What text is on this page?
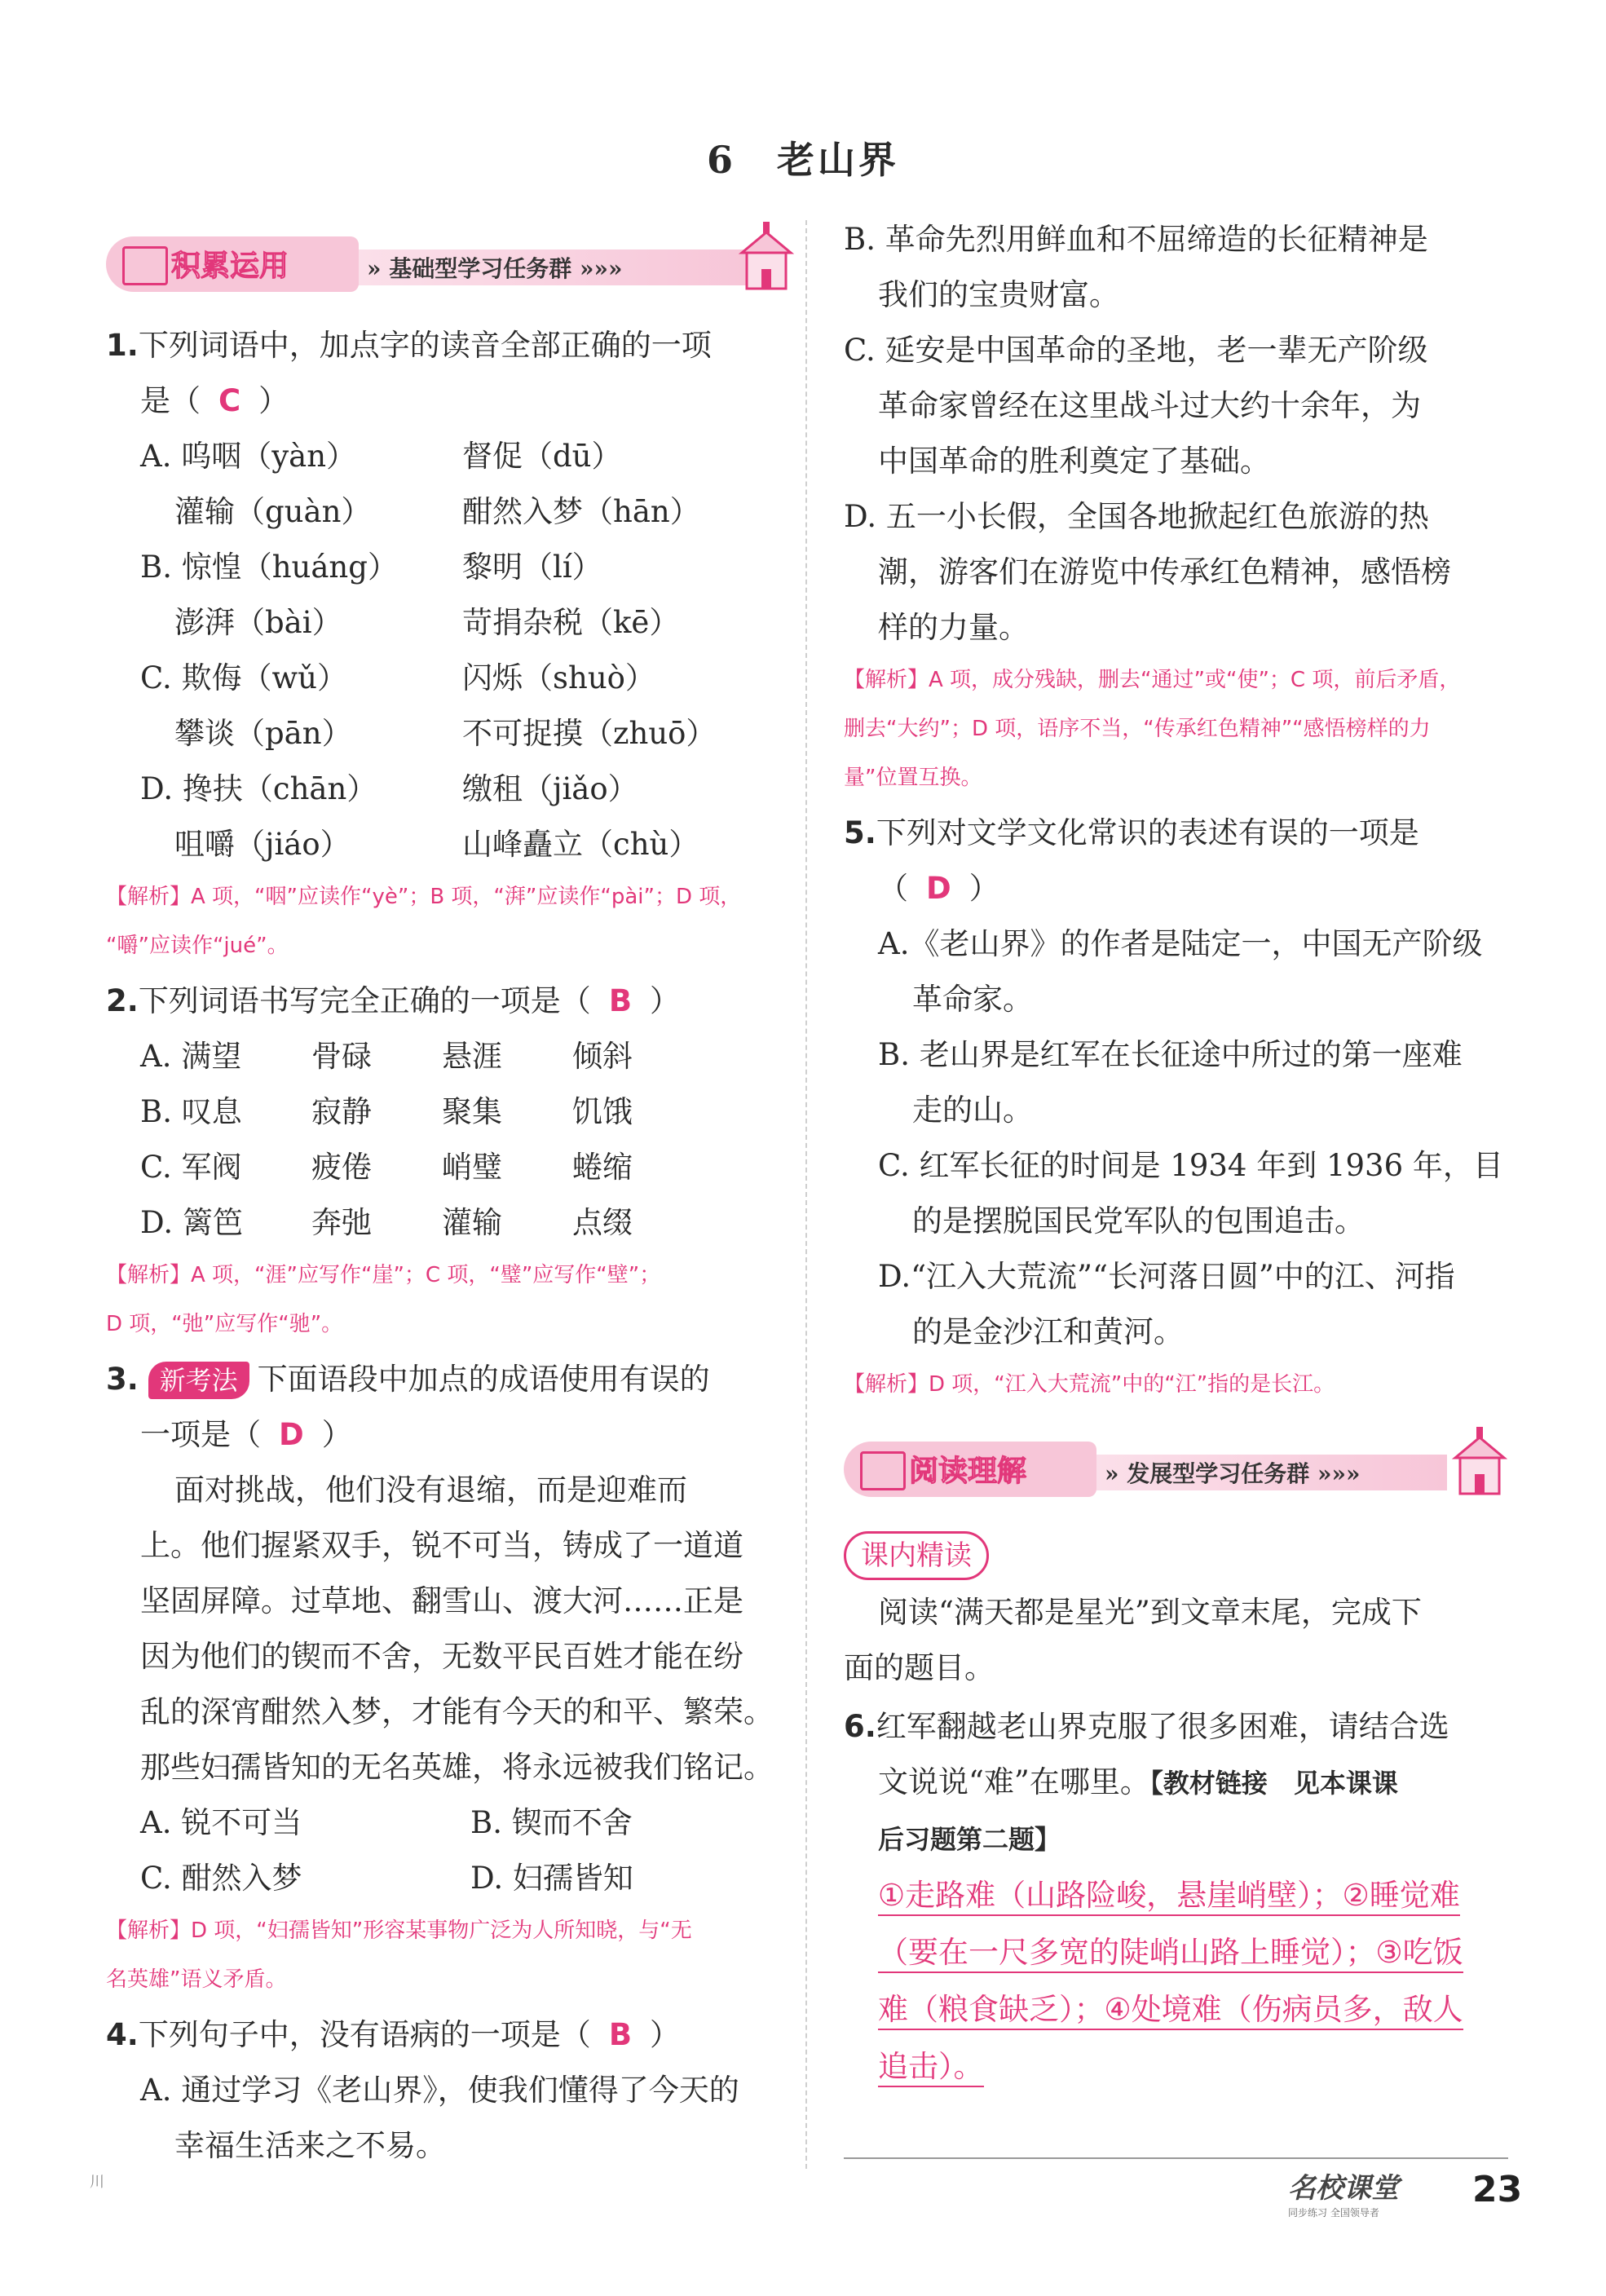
6 老山界
积累运用	» 基础型学习任务群 »»»
1.下列词语中，加点字的读音全部正确的一项
是（ C ）
A. 呜咽（yàn）	督促（dū）
灌输（guàn）	酣然入梦（hān）
B. 惊惶（huáng） 黎明（lí）
澎湃（bài）	苛捐杂税（kē）
C. 欺侮（wǔ）	闪烁（shuò）
攀谈（pān）	不可捉摸（zhuō）
D. 搀扶（chān）	缴租（jiǎo）
咀嚼（jiáo）	山峰矗立（chù）
【解析】A 项，“咽”应读作“yè”；B 项，“湃”应读作“pài”；D 项，
“嚼”应读作“jué”。
2.下列词语书写完全正确的一项是（ B ）
A. 满望 骨碌 悬涯 倾斜
B. 叹息 寂静 聚集 饥饿
C. 军阀 疲倦 峭璧 蜷缩
D. 篱笆 奔弛 灌输 点缀
【解析】A 项，“涯”应写作“崖”；C 项，“璧”应写作“壁”；
D 项，“弛”应写作“驰”。
3. 新考法 下面语段中加点的成语使用有误的
一项是（ D ）
面对挑战，他们没有退缩，而是迎难而
上。他们握紧双手，锐不可当，铸成了一道道
坚固屏障。过草地、翻雪山、渡大河……正是
因为他们的锲而不舍，无数平民百姓才能在纷
乱的深宵酣然入梦，才能有今天的和平、繁荣。
那些妇孺皆知的无名英雄，将永远被我们铭记。
A. 锐不可当	B. 锲而不舍
C. 酣然入梦	D. 妇孺皆知
【解析】D 项，“妇孺皆知”形容某事物广泛为人所知晓，与“无
名英雄”语义矛盾。
4.下列句子中，没有语病的一项是（ B ）
A. 通过学习《老山界》，使我们懂得了今天的
幸福生活来之不易。
B. 革命先烈用鲜血和不屈缔造的长征精神是
我们的宝贵财富。
C. 延安是中国革命的圣地，老一辈无产阶级
革命家曾经在这里战斗过大约十余年，为
中国革命的胜利奠定了基础。
D. 五一小长假，全国各地掀起红色旅游的热
潮，游客们在游览中传承红色精神，感悟榜
样的力量。
【解析】A 项，成分残缺，删去“通过”或“使”；C 项，前后矛盾，
删去“大约”；D 项，语序不当，“传承红色精神”“感悟榜样的力
量”位置互换。
5.下列对文学文化常识的表述有误的一项是
（ D ）
A.《老山界》的作者是陆定一，中国无产阶级
革命家。
B. 老山界是红军在长征途中所过的第一座难
走的山。
C. 红军长征的时间是 1934 年到 1936 年，目
的是摆脱国民党军队的包围追击。
D.“江入大荒流”“长河落日圆”中的江、河指
的是金沙江和黄河。
【解析】D 项，“江入大荒流”中的“江”指的是长江。
阅读理解	» 发展型学习任务群 »»»
课内精读
阅读“满天都是星光”到文章末尾，完成下
面的题目。
6.红军翻越老山界克服了很多困难，请结合选
文说说“难”在哪里。【教材链接　见本课课
后习题第二题】
①走路难（山路险峻，悬崖峭壁）；②睡觉难
（要在一尺多宽的陡峭山路上睡觉）；③吃饭
难（粮食缺乏）；④处境难（伤病员多，敌人
追击）。
川	名校课堂
同步练习 全国领导者
23
